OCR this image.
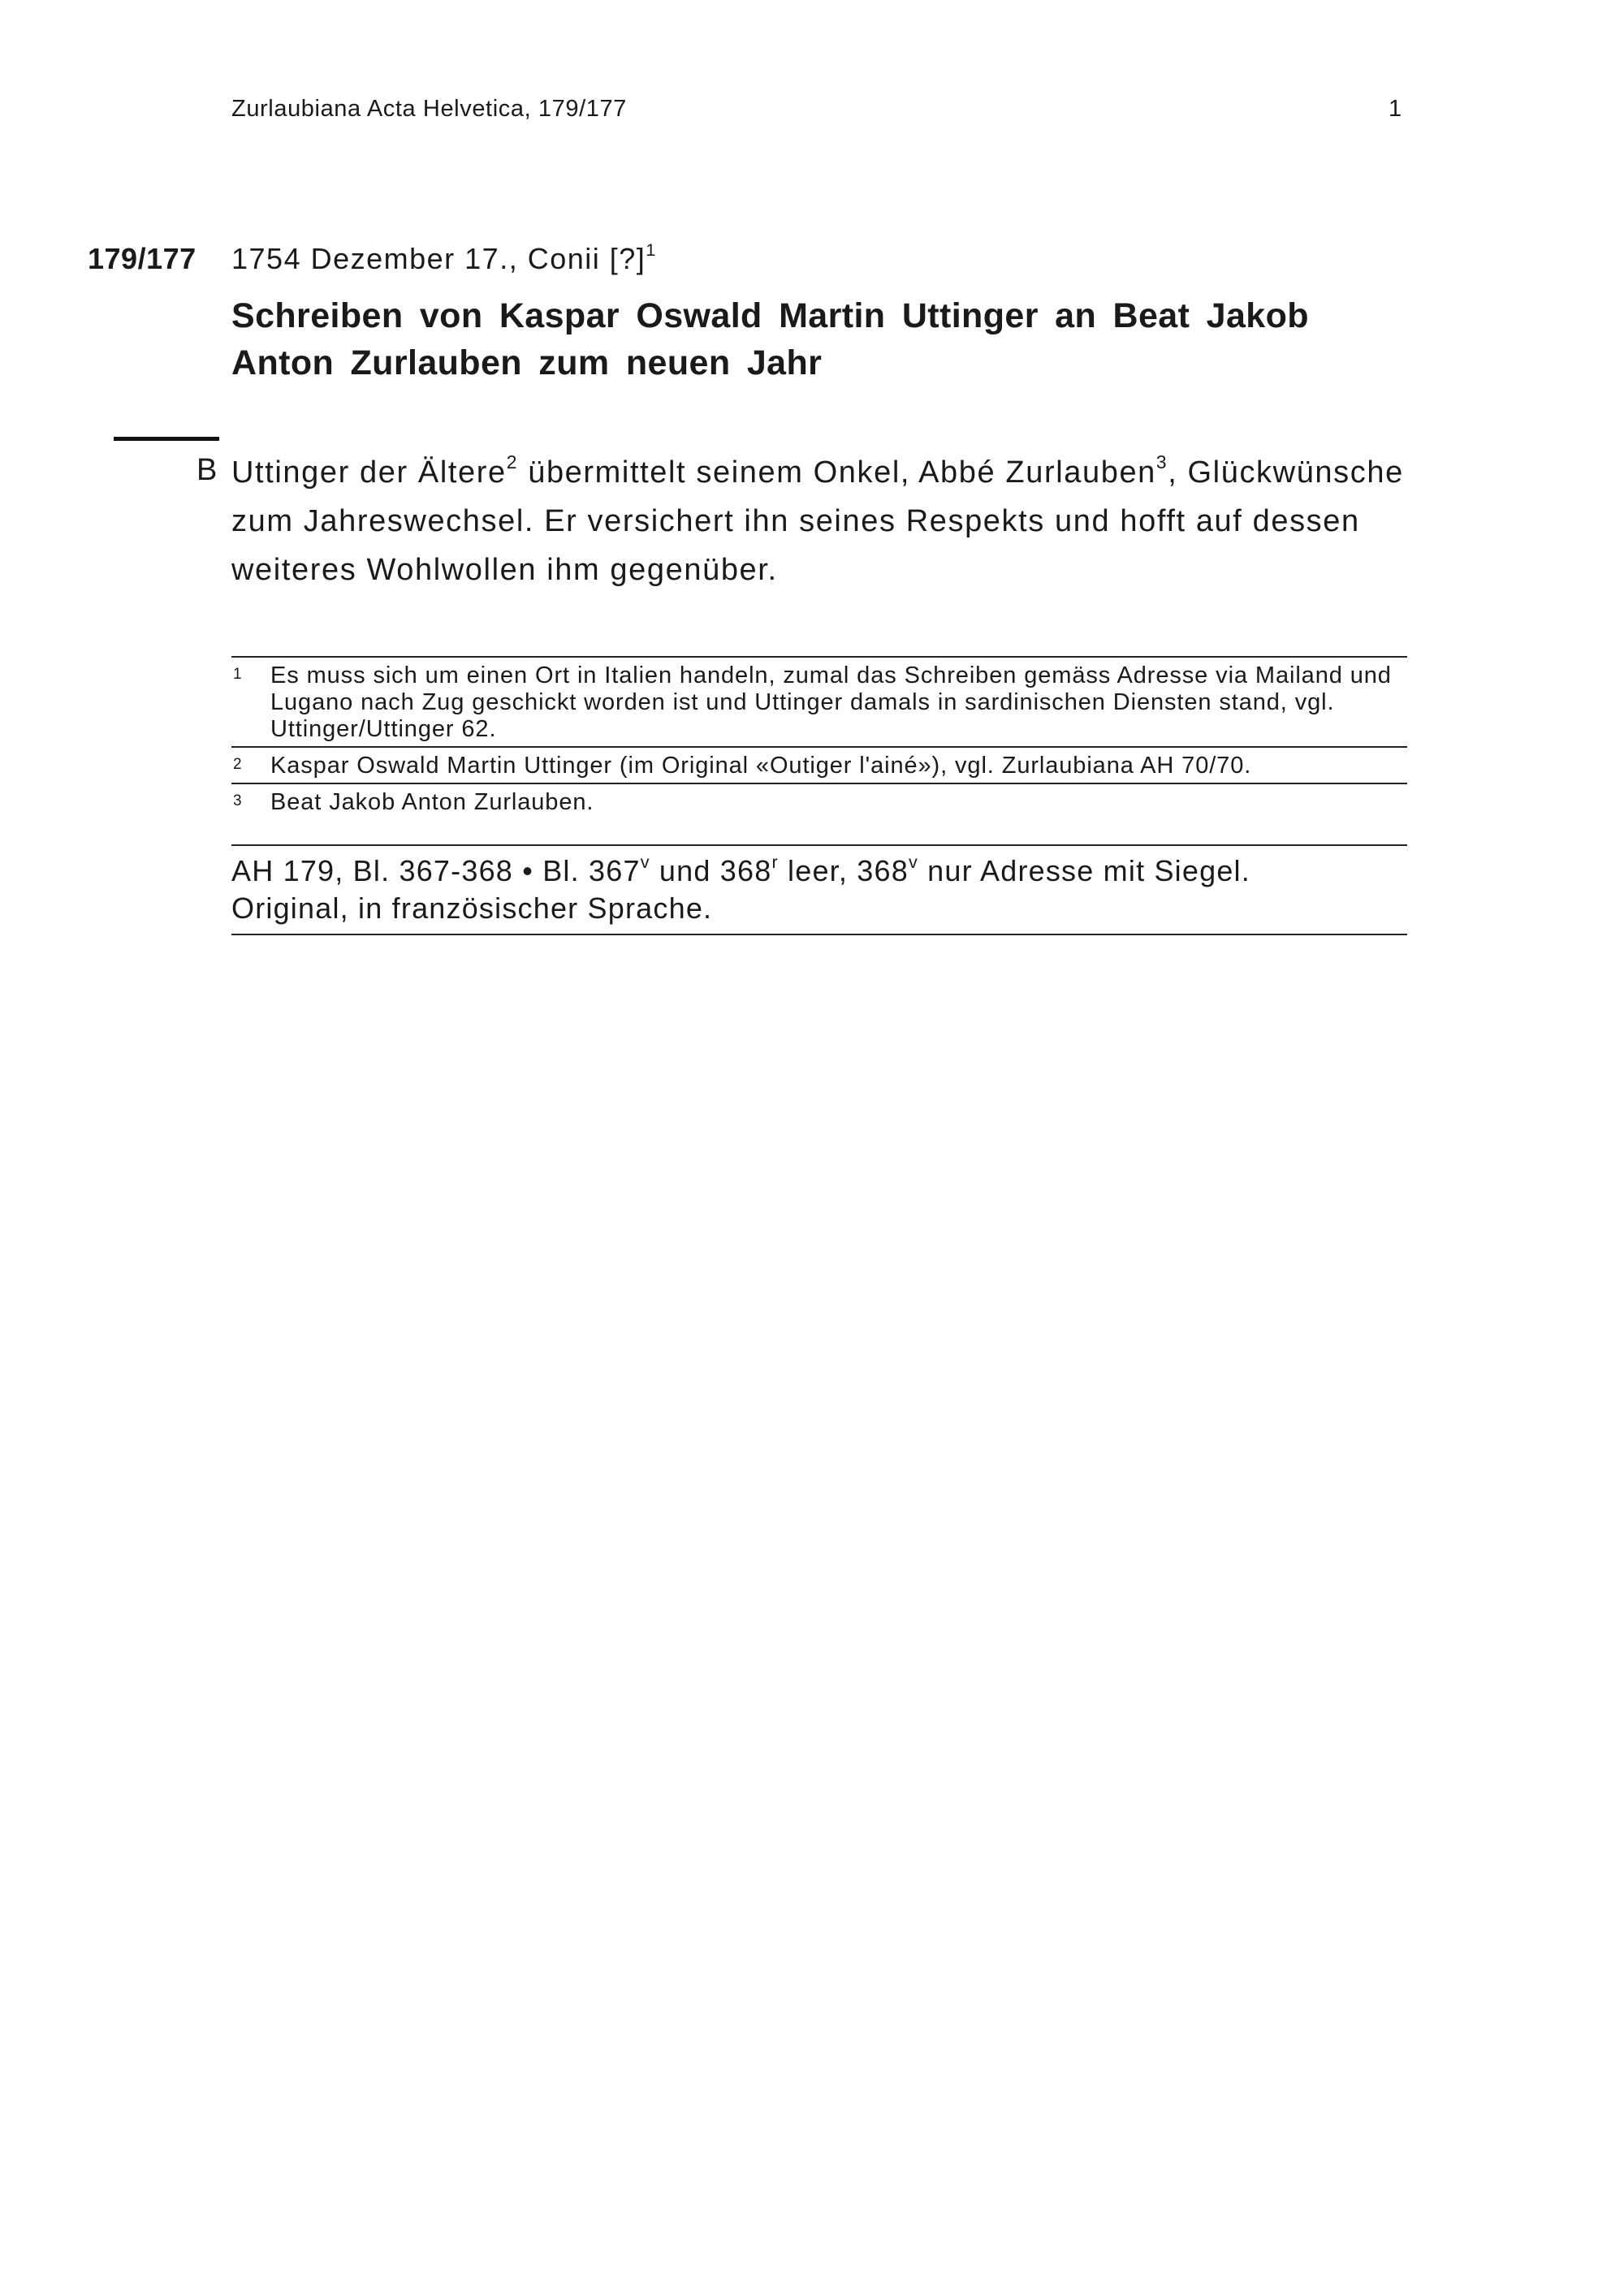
Zurlaubiana Acta Helvetica, 179/177	1
179/177 1754 Dezember 17., Conii [?]$^1$
Schreiben von Kaspar Oswald Martin Uttinger an Beat Jakob Anton Zurlauben zum neuen Jahr
B Uttinger der Ältere$^2$ übermittelt seinem Onkel, Abbé Zurlauben$^3$, Glückwünsche zum Jahreswechsel. Er versichert ihn seines Respekts und hofft auf dessen weiteres Wohlwollen ihm gegenüber.
1 Es muss sich um einen Ort in Italien handeln, zumal das Schreiben gemäss Adresse via Mailand und Lugano nach Zug geschickt worden ist und Uttinger damals in sardinischen Diensten stand, vgl. Uttinger/Uttinger 62.
2 Kaspar Oswald Martin Uttinger (im Original «Outiger l'ainé»), vgl. Zurlaubiana AH 70/70.
3 Beat Jakob Anton Zurlauben.
AH 179, Bl. 367-368 • Bl. 367$^v$ und 368$^r$ leer, 368$^v$ nur Adresse mit Siegel.
Original, in französischer Sprache.
